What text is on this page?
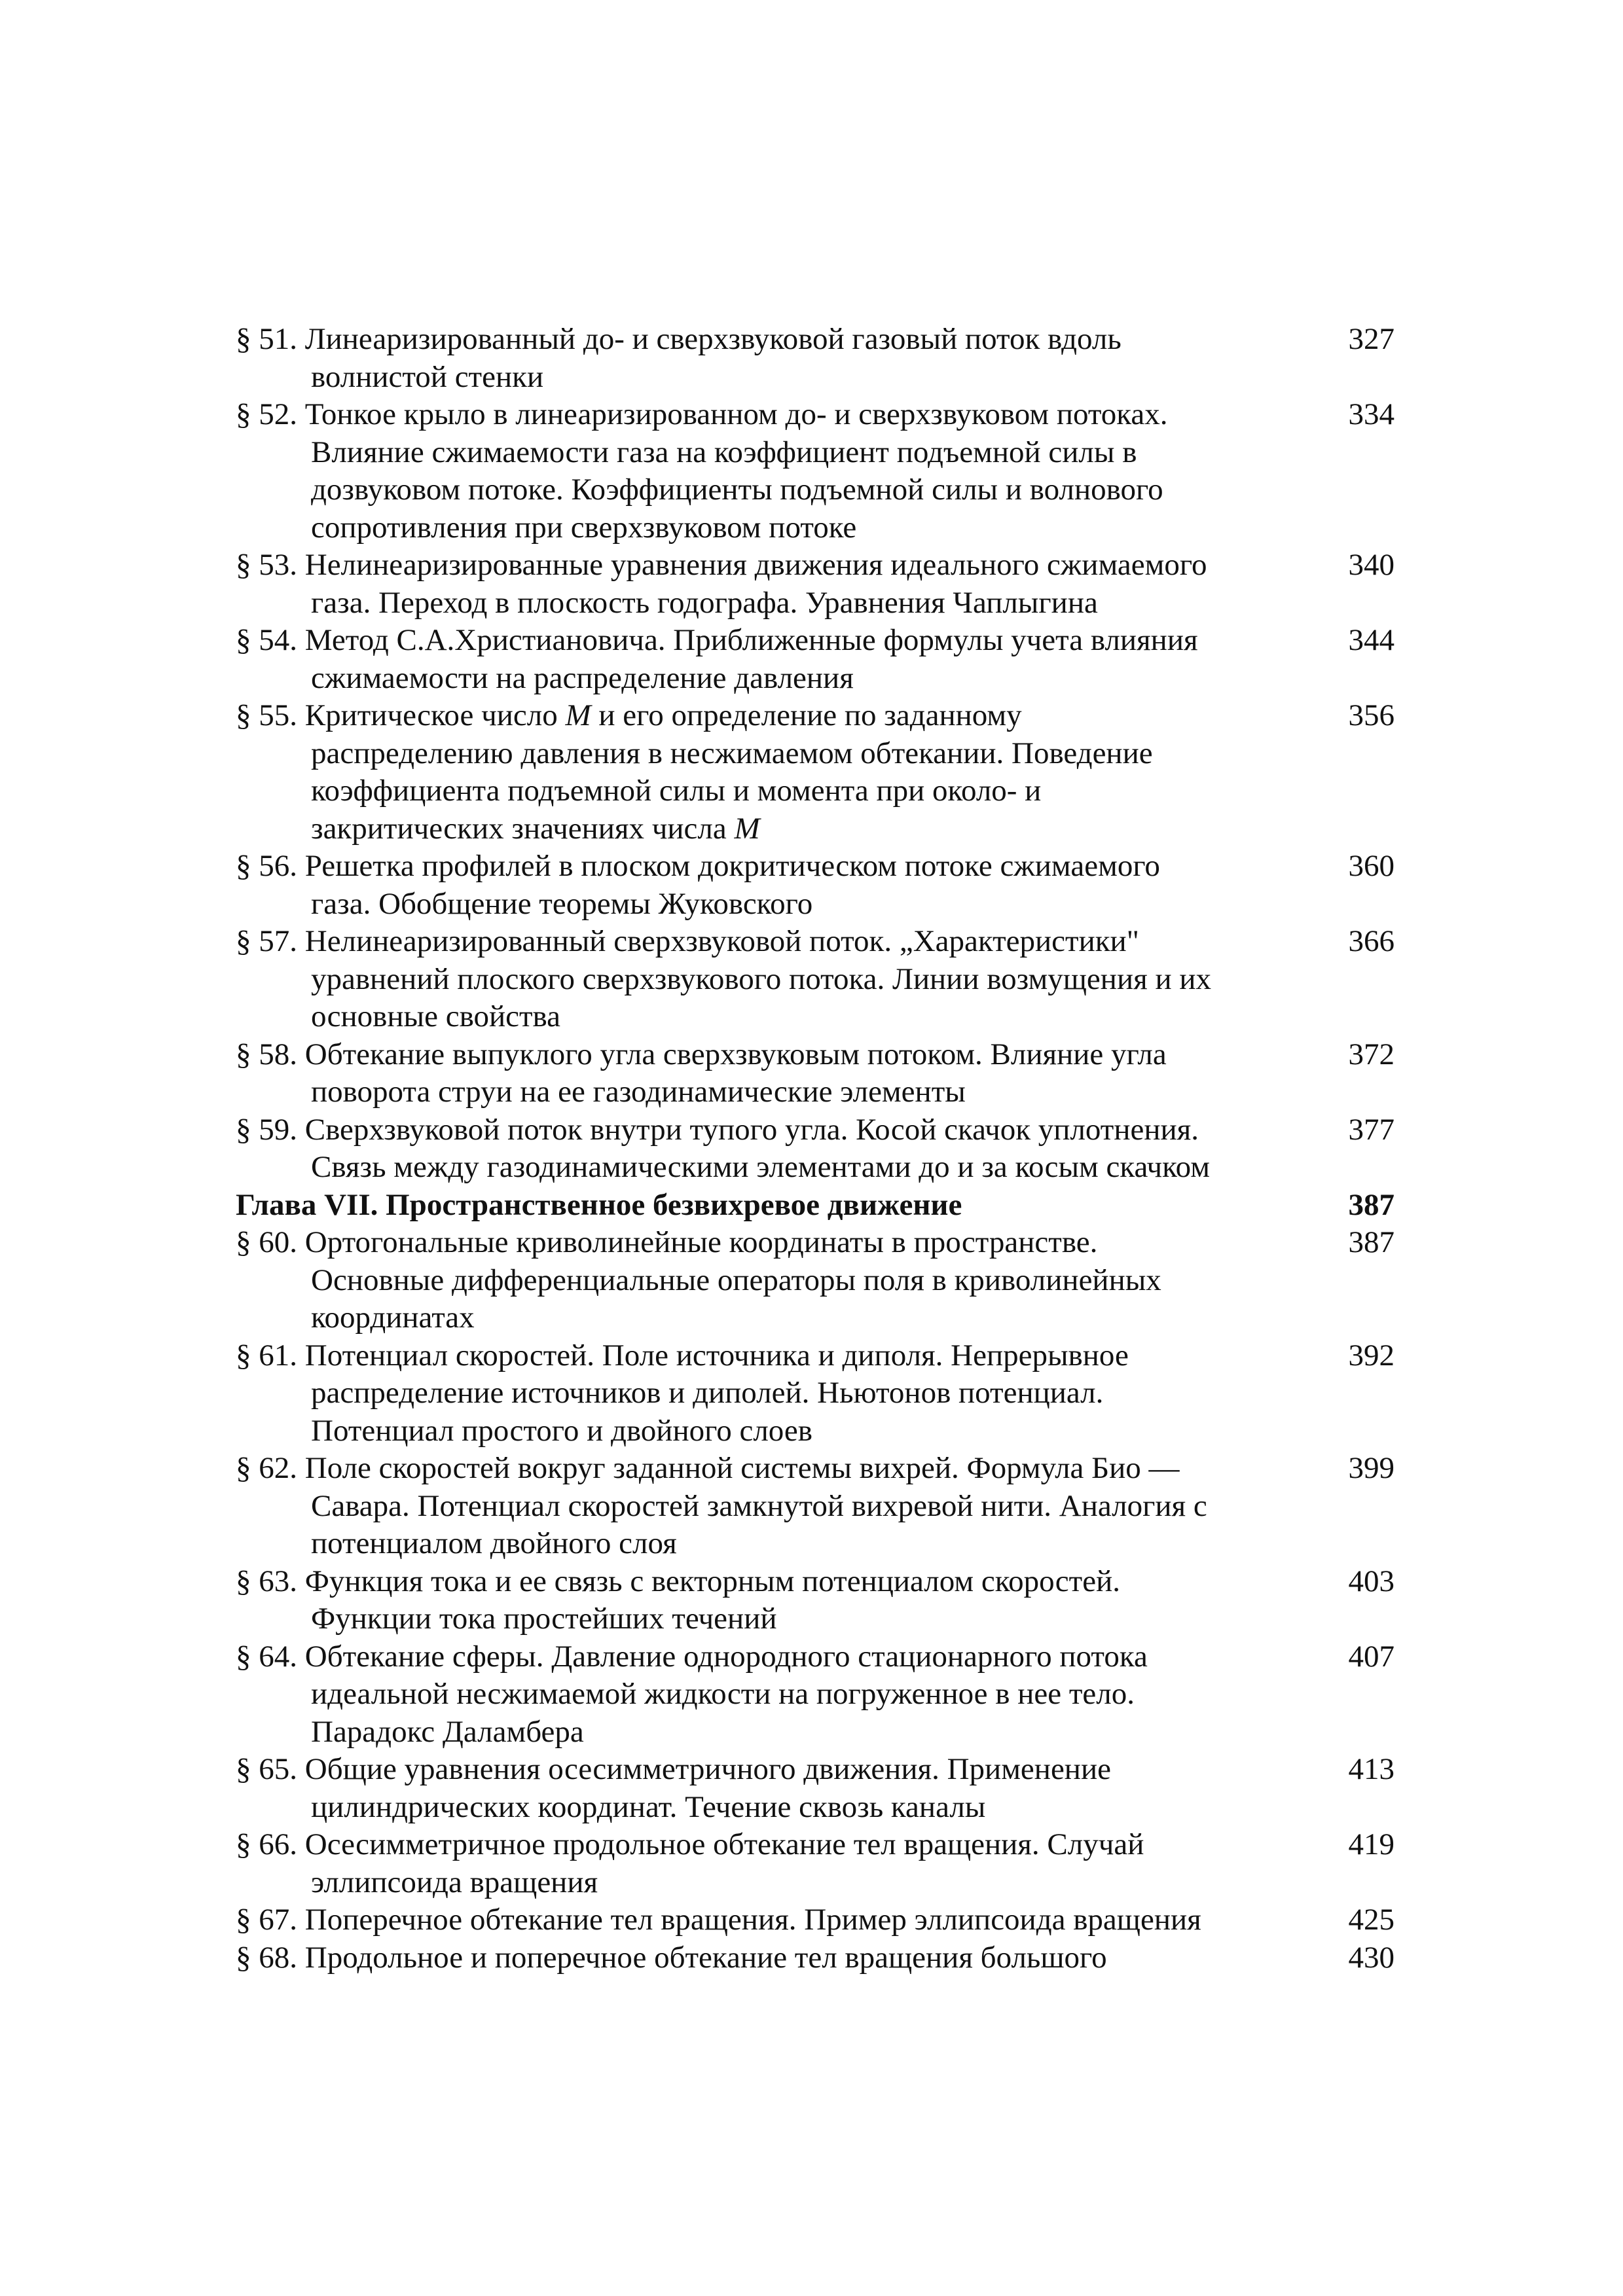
§ 51. Линеаризированный до- и сверхзвуковой газовый поток вдоль	327
волнистой стенки
§ 52. Тонкое крыло в линеаризированном до- и сверхзвуковом потоках.	334
Влияние сжимаемости газа на коэффициент подъемной силы в
дозвуковом потоке. Коэффициенты подъемной силы и волнового
сопротивления при сверхзвуковом потоке
§ 53. Нелинеаризированные уравнения движения идеального сжимаемого	340
газа. Переход в плоскость годографа. Уравнения Чаплыгина
§ 54. Метод С.А.Христиановича. Приближенные формулы учета влияния	344
сжимаемости на распределение давления
§ 55. Критическое число M и его определение по заданному	356
распределению давления в несжимаемом обтекании. Поведение
коэффициента подъемной силы и момента при около- и
закритических значениях числа M
§ 56. Решетка профилей в плоском докритическом потоке сжимаемого	360
газа. Обобщение теоремы Жуковского
§ 57. Нелинеаризированный сверхзвуковой поток. „Характеристики"	366
уравнений плоского сверхзвукового потока. Линии возмущения и их
основные свойства
§ 58. Обтекание выпуклого угла сверхзвуковым потоком. Влияние угла	372
поворота струи на ее газодинамические элементы
§ 59. Сверхзвуковой поток внутри тупого угла. Косой скачок уплотнения.	377
Связь между газодинамическими элементами до и за косым скачком
Глава VII. Пространственное безвихревое движение	387
§ 60. Ортогональные криволинейные координаты в пространстве.	387
Основные дифференциальные операторы поля в криволинейных
координатах
§ 61. Потенциал скоростей. Поле источника и диполя. Непрерывное	392
распределение источников и диполей. Ньютонов потенциал.
Потенциал простого и двойного слоев
§ 62. Поле скоростей вокруг заданной системы вихрей. Формула Био —	399
Савара. Потенциал скоростей замкнутой вихревой нити. Аналогия с
потенциалом двойного слоя
§ 63. Функция тока и ее связь с векторным потенциалом скоростей.	403
Функции тока простейших течений
§ 64. Обтекание сферы. Давление однородного стационарного потока	407
идеальной несжимаемой жидкости на погруженное в нее тело.
Парадокс Даламбера
§ 65. Общие уравнения осесимметричного движения. Применение	413
цилиндрических координат. Течение сквозь каналы
§ 66. Осесимметричное продольное обтекание тел вращения. Случай	419
эллипсоида вращения
§ 67. Поперечное обтекание тел вращения. Пример эллипсоида вращения	425
§ 68. Продольное и поперечное обтекание тел вращения большого	430
